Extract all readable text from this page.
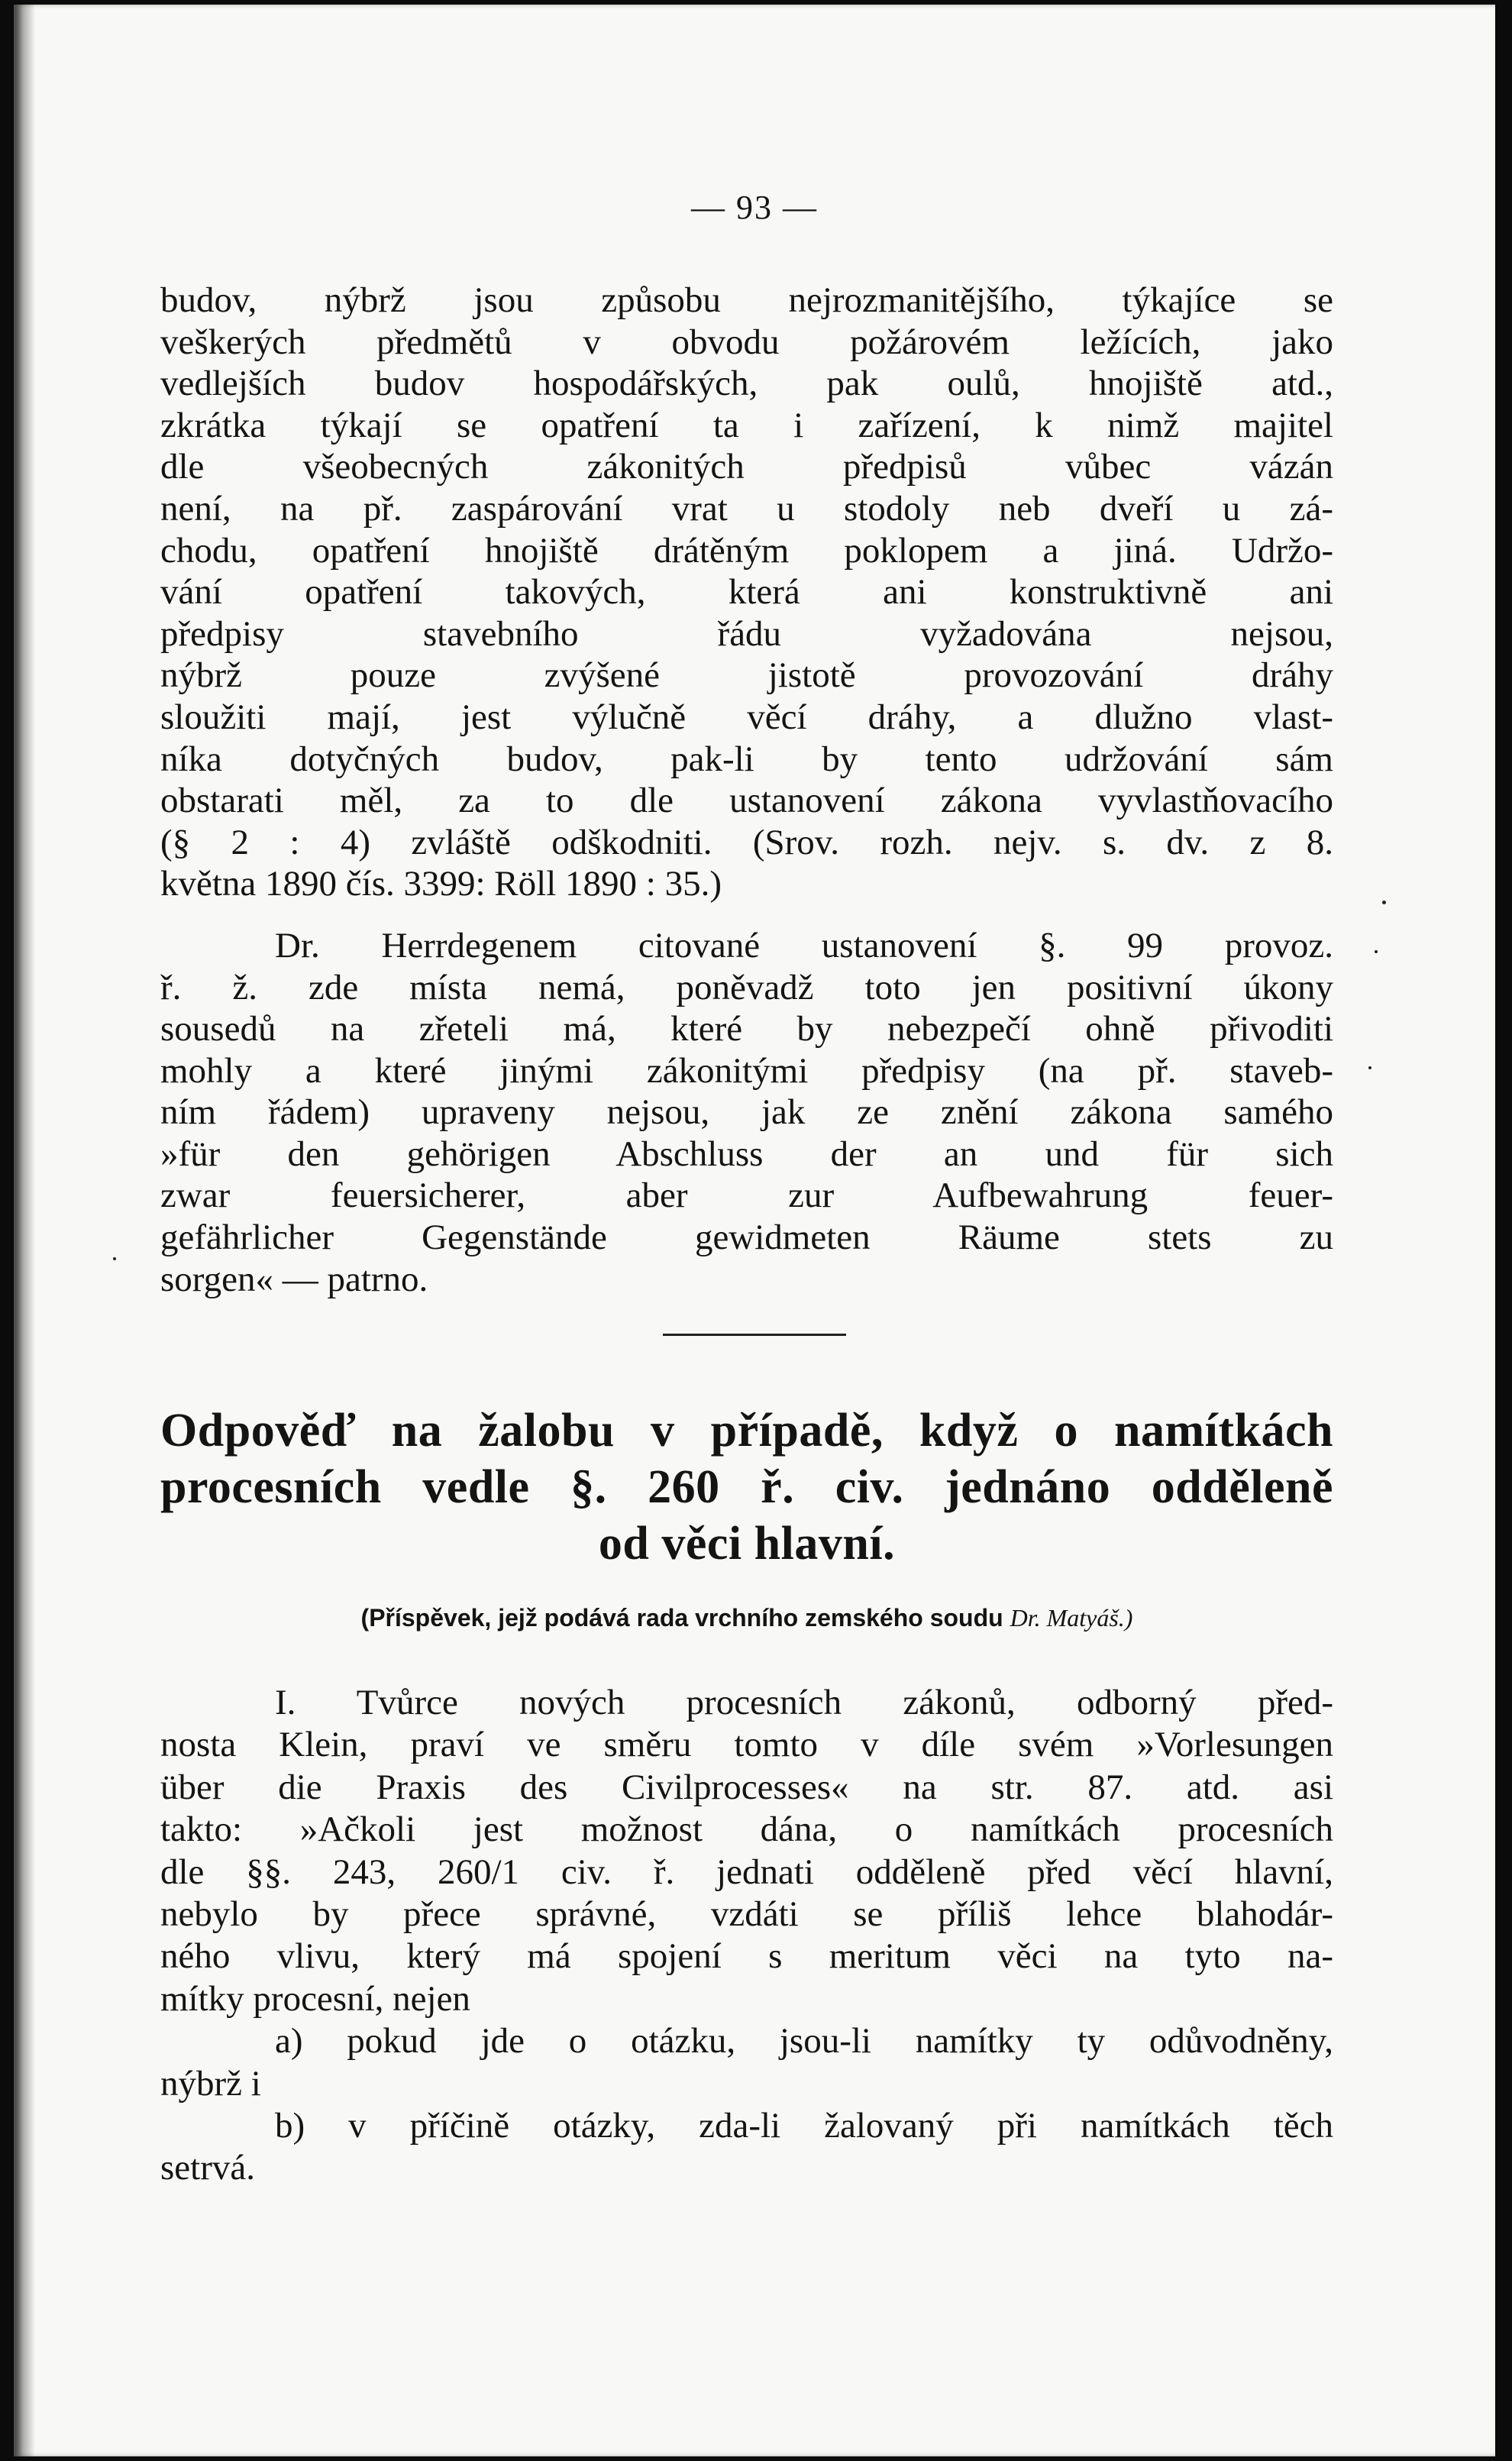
— 93 —
budov, nýbrž jsou způsobu nejrozmanitějšího, týkajíce se
veškerých předmětů v obvodu požárovém ležících, jako
vedlejších budov hospodářských, pak oulů, hnojiště atd.,
zkrátka týkají se opatření ta i zařízení, k nimž majitel
dle všeobecných zákonitých předpisů vůbec vázán
není, na př. zaspárování vrat u stodoly neb dveří u zá-
chodu, opatření hnojiště drátěným poklopem a jiná. Udržo-
vání opatření takových, která ani konstruktivně ani
předpisy stavebního řádu vyžadována nejsou,
nýbrž pouze zvýšené jistotě provozování dráhy
sloužiti mají, jest výlučně věcí dráhy, a dlužno vlast-
níka dotyčných budov, pak-li by tento udržování sám
obstarati měl, za to dle ustanovení zákona vyvlastňovacího
(§ 2 : 4) zvláště odškodniti. (Srov. rozh. nejv. s. dv. z 8.
května 1890 čís. 3399: Röll 1890 : 35.)
Dr. Herrdegenem citované ustanovení §. 99 provoz.
ř. ž. zde místa nemá, poněvadž toto jen positivní úkony
sousedů na zřeteli má, které by nebezpečí ohně přivoditi
mohly a které jinými zákonitými předpisy (na př. staveb-
ním řádem) upraveny nejsou, jak ze znění zákona samého
»für den gehörigen Abschluss der an und für sich
zwar feuersicherer, aber zur Aufbewahrung feuer-
gefährlicher Gegenstände gewidmeten Räume stets zu
sorgen« — patrno.
Odpověď na žalobu v případě, když o namítkách
procesních vedle §. 260 ř. civ. jednáno odděleně
od věci hlavní.
(Příspěvek, jejž podává rada vrchního zemského soudu Dr. Matyáš.)
I. Tvůrce nových procesních zákonů, odborný před-
nosta Klein, praví ve směru tomto v díle svém »Vorlesungen
über die Praxis des Civilprocesses« na str. 87. atd. asi
takto: »Ačkoli jest možnost dána, o namítkách procesních
dle §§. 243, 260/1 civ. ř. jednati odděleně před věcí hlavní,
nebylo by přece správné, vzdáti se příliš lehce blahodár-
ného vlivu, který má spojení s meritum věci na tyto na-
mítky procesní, nejen
a) pokud jde o otázku, jsou-li namítky ty odůvodněny,
nýbrž i
b) v příčině otázky, zda-li žalovaný při namítkách těch
setrvá.
